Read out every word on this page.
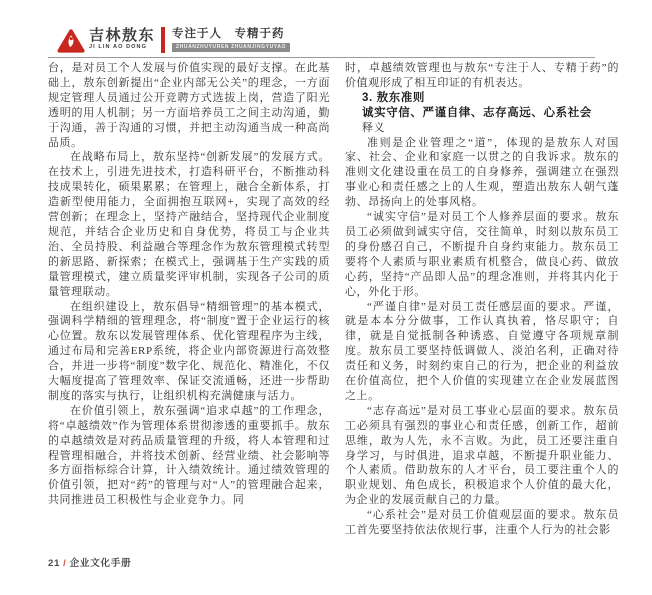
吉林敖东
JI LIN AO DONG
专注于人　专精于药
ZHUANZHUYUREN ZHUANJINGYUYAO

台，是对员工个人发展与价值实现的最好支撑。在此基础上，敖东创新提出“企业内部无公关”的理念，一方面规定管理人员通过公开竞聘方式选拔上岗，营造了阳光透明的用人机制；另一方面培养员工之间主动沟通，勤于沟通，善于沟通的习惯，并把主动沟通当成一种高尚品质。

在战略布局上，敖东坚持“创新发展”的发展方式。在技术上，引进先进技术，打造科研平台，不断推动科技成果转化，硕果累累；在管理上，融合全新体系，打造新型使用能力，全面拥抱互联网+，实现了高效的经营创新；在理念上，坚持产融结合，坚持现代企业制度规范，并结合企业历史和自身优势，将员工与企业共治、全员持股、利益融合等理念作为敖东管理模式转型的新思路、新探索；在模式上，强调基于生产实践的质量管理模式，建立质量奖评审机制，实现各子公司的质量管理联动。

在组织建设上，敖东倡导“精细管理”的基本模式，强调科学精细的管理理念，将“制度”置于企业运行的核心位置。敖东以发展管理体系、优化管理程序为主线，通过布局和完善ERP系统，将企业内部资源进行高效整合，并进一步将“制度”数字化、规范化、精准化，不仅大幅度提高了管理效率、保证交流通畅，还进一步帮助制度的落实与执行，让组织机构充满健康与活力。

在价值引领上，敖东强调“追求卓越”的工作理念，将“卓越绩效”作为管理体系贯彻渗透的重要抓手。敖东的卓越绩效是对药品质量管理的升级，将人本管理和过程管理相融合，并将技术创新、经营业绩、社会影响等多方面指标综合计算，计入绩效统计。通过绩效管理的价值引领，把对“药”的管理与对“人”的管理融合起来，共同推进员工积极性与企业竞争力。同

时，卓越绩效管理也与敖东“专注于人、专精于药”的价值观形成了相互印证的有机表达。

3. 敖东准则

诚实守信、严谨自律、志存高远、心系社会

释义

准则是企业管理之“道”，体现的是敖东人对国家、社会、企业和家庭一以贯之的自我诉求。敖东的准则文化建设重在员工的自身修养，强调建立在强烈事业心和责任感之上的人生观，塑造出敖东人朝气蓬勃、昂扬向上的处事风格。

“诚实守信”是对员工个人修养层面的要求。敖东员工必须做到诚实守信，交往简单，时刻以敖东员工的身份感召自己，不断提升自身约束能力。敖东员工要将个人素质与职业素质有机整合，做良心药、做放心药，坚持“产品即人品”的理念准则，并将其内化于心，外化于形。

“严谨自律”是对员工责任感层面的要求。严谨，就是本本分分做事，工作认真执着，恪尽职守；自律，就是自觉抵制各种诱惑、自觉遵守各项规章制度。敖东员工要坚持低调做人、淡泊名利，正确对待责任和义务，时刻约束自己的行为，把企业的利益放在价值高位，把个人价值的实现建立在企业发展蓝图之上。

“志存高远”是对员工事业心层面的要求。敖东员工必须具有强烈的事业心和责任感，创新工作，超前思维，敢为人先，永不言败。为此，员工还要注重自身学习，与时俱进，追求卓越，不断提升职业能力、个人素质。借助敖东的人才平台，员工要注重个人的职业规划、角色成长，积极追求个人价值的最大化，为企业的发展贡献自己的力量。

“心系社会”是对员工价值观层面的要求。敖东员工首先要坚持依法依规行事，注重个人行为的社会影

21 / 企业文化手册
